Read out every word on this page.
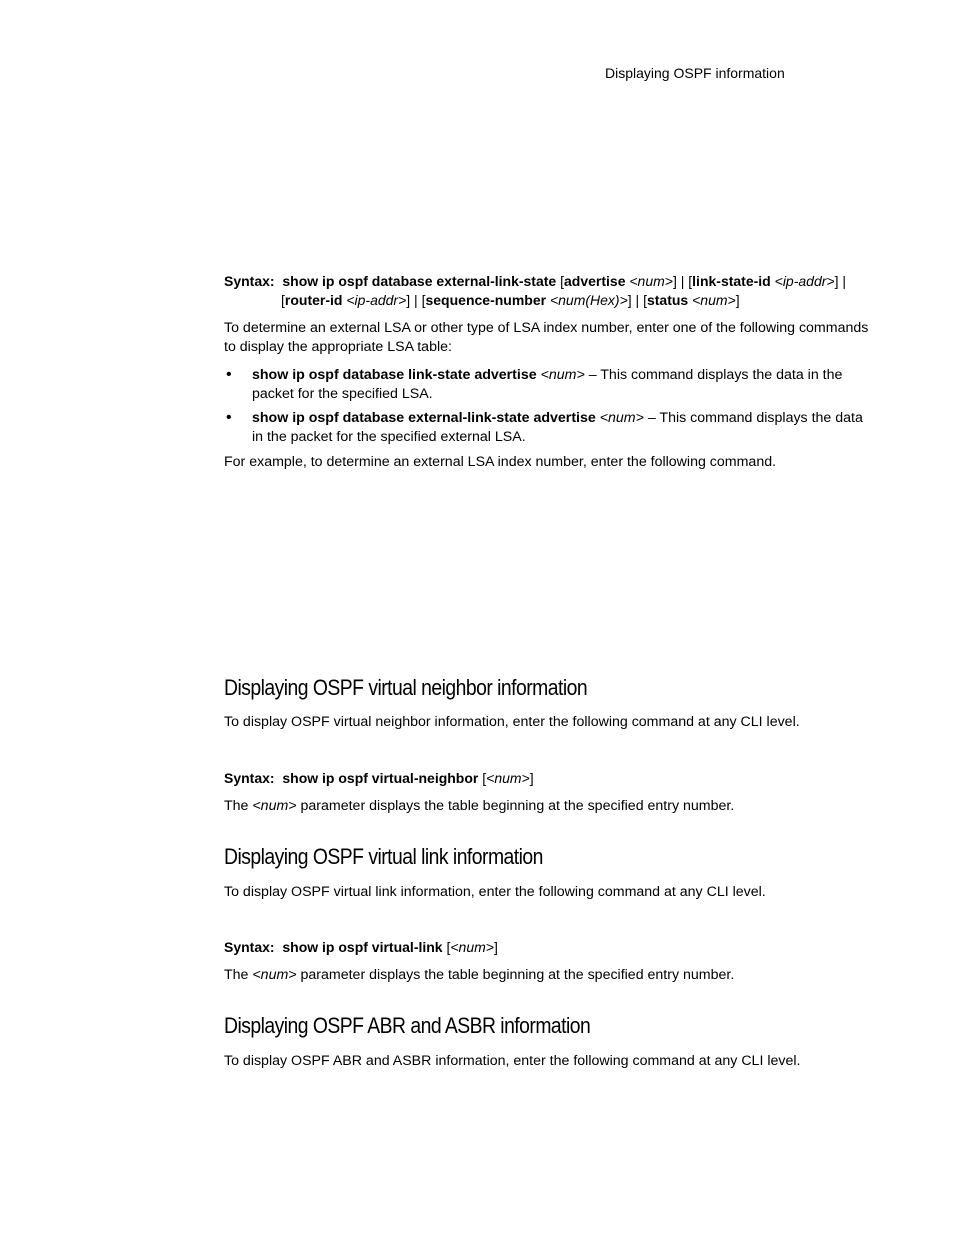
Displaying OSPF information
Syntax: show ip ospf database external-link-state [advertise <num>] | [link-state-id <ip-addr>] |
[router-id <ip-addr>] | [sequence-number <num(Hex)>] | [status <num>]
To determine an external LSA or other type of LSA index number, enter one of the following commands to display the appropriate LSA table:
• show ip ospf database link-state advertise <num> – This command displays the data in the packet for the specified LSA.
• show ip ospf database external-link-state advertise <num> – This command displays the data in the packet for the specified external LSA.
For example, to determine an external LSA index number, enter the following command.
Displaying OSPF virtual neighbor information
To display OSPF virtual neighbor information, enter the following command at any CLI level.
Syntax: show ip ospf virtual-neighbor [<num>]
The <num> parameter displays the table beginning at the specified entry number.
Displaying OSPF virtual link information
To display OSPF virtual link information, enter the following command at any CLI level.
Syntax: show ip ospf virtual-link [<num>]
The <num> parameter displays the table beginning at the specified entry number.
Displaying OSPF ABR and ASBR information
To display OSPF ABR and ASBR information, enter the following command at any CLI level.
